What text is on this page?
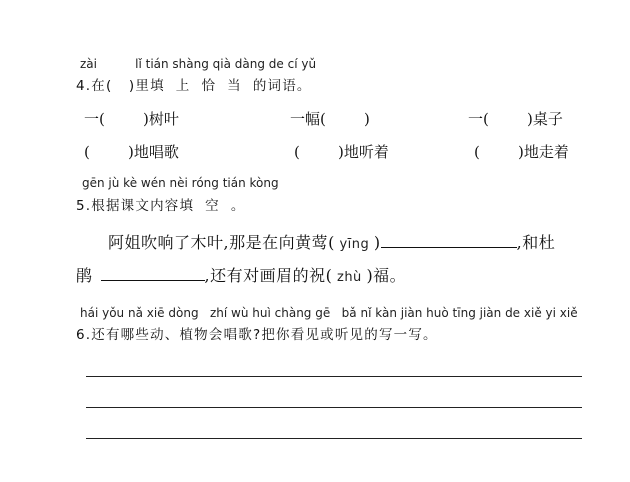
zài          lǐ tián shàng qià dàng de cí yǔ
4.在(   )里填  上  恰  当  的词语。
一(        )树叶	一幅(        )	一(        )桌子
(        )地唱歌	(        )地听着	(        )地走着
gēn jù kè wén nèi róng tián kòng
5.根据课文内容填  空  。
阿姐吹响了木叶,那是在向黄莺( yīng )	,和杜
鹃	,还有对画眉的祝( zhù )福。
hái yǒu nǎ xiē dòng   zhí wù huì chàng gē   bǎ nǐ kàn jiàn huò tīng jiàn de xiě yi xiě
6.还有哪些动、植物会唱歌?把你看见或听见的写一写。
